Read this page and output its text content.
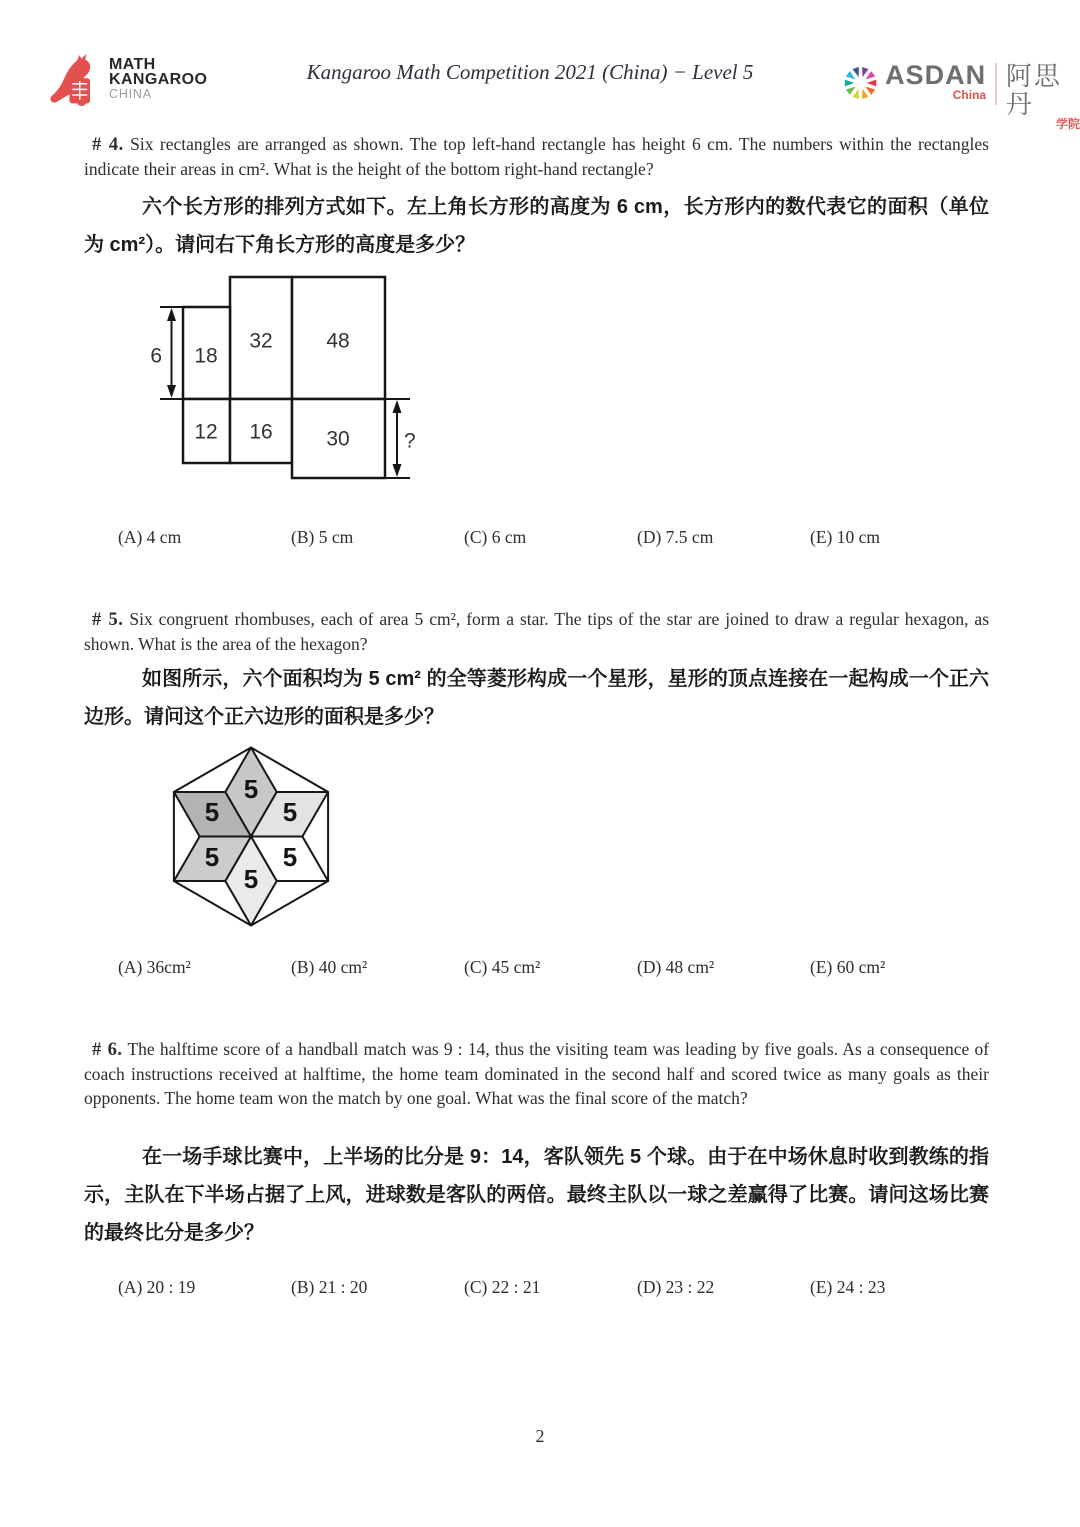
MATH
KANGAROO
CHINA
Kangaroo Math Competition 2021 (China) − Level 5	ASDAN
China
阿思丹
学院

# 4. Six rectangles are arranged as shown. The top left-hand rectangle has height 6 cm. The numbers within the rectangles indicate their areas in cm². What is the height of the bottom right-hand rectangle?

六个长方形的排列方式如下。左上角长方形的高度为 6 cm，长方形内的数代表它的面积（单位为 cm²）。请问右下角长方形的高度是多少？

18
32	48
12 16	30
6
?
(A) 4 cm	(B) 5 cm	(C) 6 cm	(D) 7.5 cm	(E) 10 cm

# 5. Six congruent rhombuses, each of area 5 cm², form a star. The tips of the star are joined to draw a regular hexagon, as shown. What is the area of the hexagon?

如图所示，六个面积均为 5 cm² 的全等菱形构成一个星形，星形的顶点连接在一起构成一个正六边形。请问这个正六边形的面积是多少？

5
5
5
5
5
5
(A) 36cm²	(B) 40 cm²	(C) 45 cm²	(D) 48 cm²	(E) 60 cm²

# 6. The halftime score of a handball match was 9 : 14, thus the visiting team was leading by five goals. As a consequence of coach instructions received at halftime, the home team dominated in the second half and scored twice as many goals as their opponents. The home team won the match by one goal. What was the final score of the match?

在一场手球比赛中，上半场的比分是 9：14，客队领先 5 个球。由于在中场休息时收到教练的指示，主队在下半场占据了上风，进球数是客队的两倍。最终主队以一球之差赢得了比赛。请问这场比赛的最终比分是多少？

(A) 20 : 19	(B) 21 : 20	(C) 22 : 21	(D) 23 : 22	(E) 24 : 23
2
